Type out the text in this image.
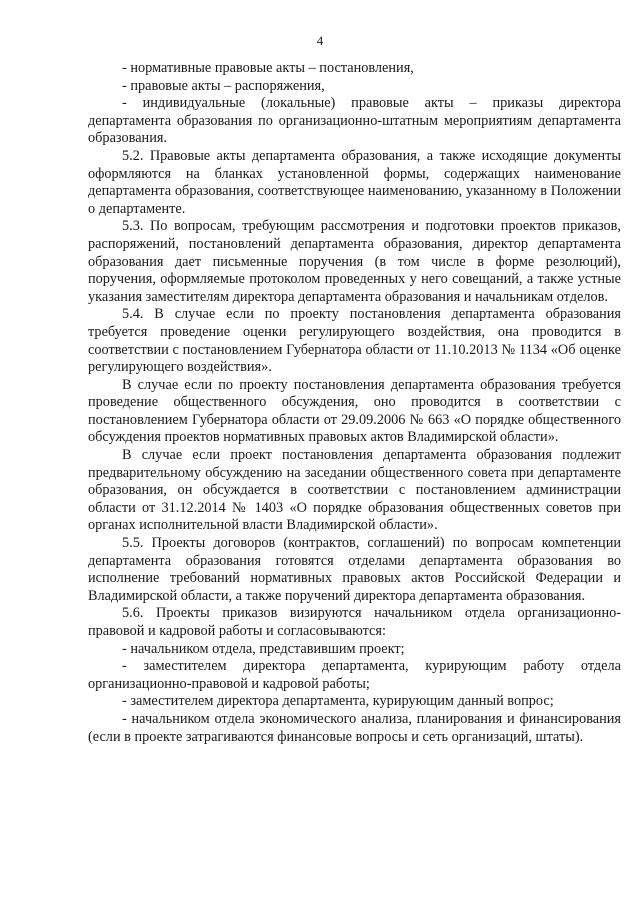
4

- нормативные правовые акты – постановления,

- правовые акты – распоряжения,

- индивидуальные (локальные) правовые акты – приказы директора департамента образования по организационно-штатным мероприятиям департамента образования.

5.2. Правовые акты департамента образования, а также исходящие документы оформляются на бланках установленной формы, содержащих наименование департамента образования, соответствующее наименованию, указанному в Положении о департаменте.

5.3. По вопросам, требующим рассмотрения и подготовки проектов приказов, распоряжений, постановлений департамента образования, директор департамента образования дает письменные поручения (в том числе в форме резолюций), поручения, оформляемые протоколом проведенных у него совещаний, а также устные указания заместителям директора департамента образования и начальникам отделов.

5.4. В случае если по проекту постановления департамента образования требуется проведение оценки регулирующего воздействия, она проводится в соответствии с постановлением Губернатора области от 11.10.2013 № 1134 «Об оценке регулирующего воздействия».

В случае если по проекту постановления департамента образования требуется проведение общественного обсуждения, оно проводится в соответствии с постановлением Губернатора области от 29.09.2006 № 663 «О порядке общественного обсуждения проектов нормативных правовых актов Владимирской области».

В случае если проект постановления департамента образования подлежит предварительному обсуждению на заседании общественного совета при департаменте образования, он обсуждается в соответствии с постановлением администрации области от 31.12.2014 № 1403 «О порядке образования общественных советов при органах исполнительной власти Владимирской области».

5.5. Проекты договоров (контрактов, соглашений) по вопросам компетенции департамента образования готовятся отделами департамента образования во исполнение требований нормативных правовых актов Российской Федерации и Владимирской области, а также поручений директора департамента образования.

5.6. Проекты приказов визируются начальником отдела организационно-правовой и кадровой работы и согласовываются:

- начальником отдела, представившим проект;

- заместителем директора департамента, курирующим работу отдела организационно-правовой и кадровой работы;

- заместителем директора департамента, курирующим данный вопрос;

- начальником отдела экономического анализа, планирования и финансирования (если в проекте затрагиваются финансовые вопросы и сеть организаций, штаты).
